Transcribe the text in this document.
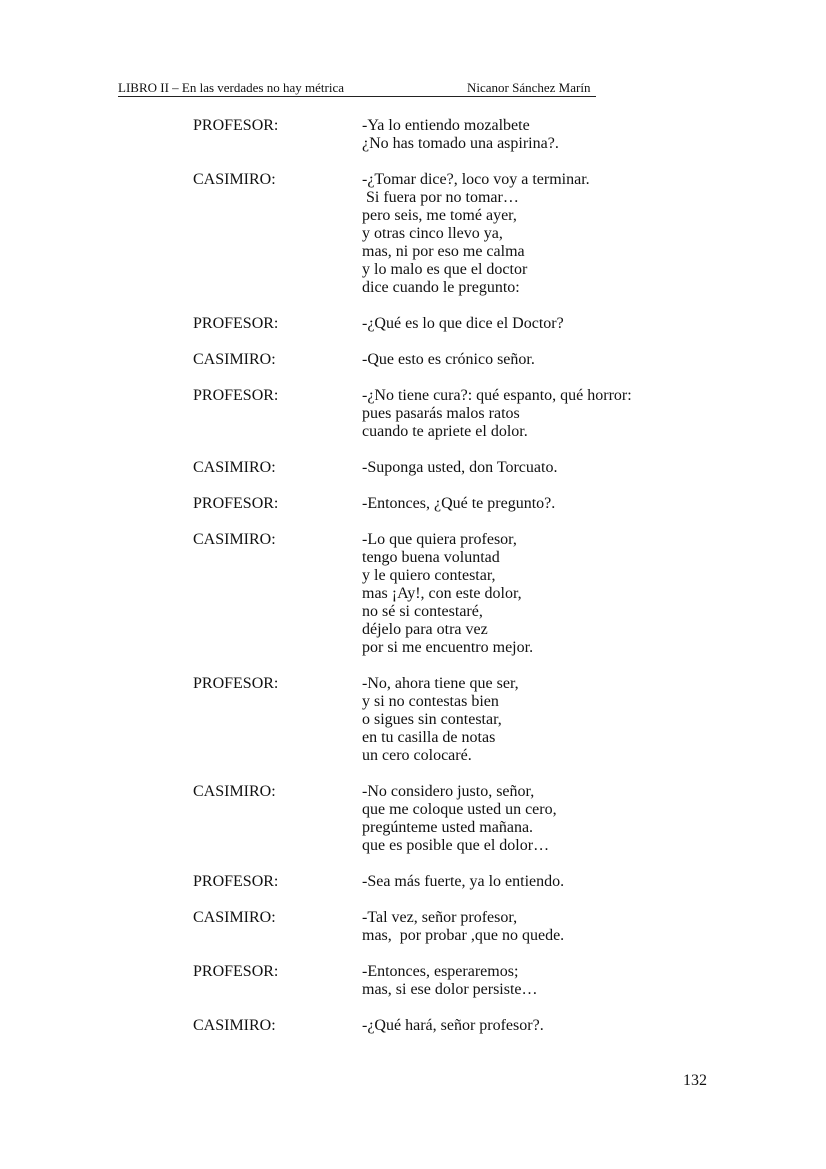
LIBRO II – En las verdades no hay métrica	Nicanor Sánchez Marín
PROFESOR:	-Ya lo entiendo mozalbete
¿No has tomado una aspirina?.
CASIMIRO:	-¿Tomar dice?, loco voy a terminar.
Si fuera por no tomar…
pero seis, me tomé ayer,
y otras cinco llevo ya,
mas, ni por eso me calma
y lo malo es que el doctor
dice cuando le pregunto:
PROFESOR:	-¿Qué es lo que dice el Doctor?
CASIMIRO:	-Que esto es crónico señor.
PROFESOR:	-¿No tiene cura?: qué espanto, qué horror:
pues pasarás malos ratos
cuando te apriete el dolor.
CASIMIRO:	-Suponga usted, don Torcuato.
PROFESOR:	-Entonces, ¿Qué te pregunto?.
CASIMIRO:	-Lo que quiera profesor,
tengo buena voluntad
y le quiero contestar,
mas ¡Ay!, con este dolor,
no sé si contestaré,
déjelo para otra vez
por si me encuentro mejor.
PROFESOR:	-No, ahora tiene que ser,
y si no contestas bien
o sigues sin contestar,
en tu casilla de notas
un cero colocaré.
CASIMIRO:	-No considero justo, señor,
que me coloque usted un cero,
pregúnteme usted mañana.
que es posible que el dolor…
PROFESOR:	-Sea más fuerte, ya lo entiendo.
CASIMIRO:	-Tal vez, señor profesor,
mas,  por probar ,que no quede.
PROFESOR:	-Entonces, esperaremos;
mas, si ese dolor persiste…
CASIMIRO:	-¿Qué hará, señor profesor?.
132
